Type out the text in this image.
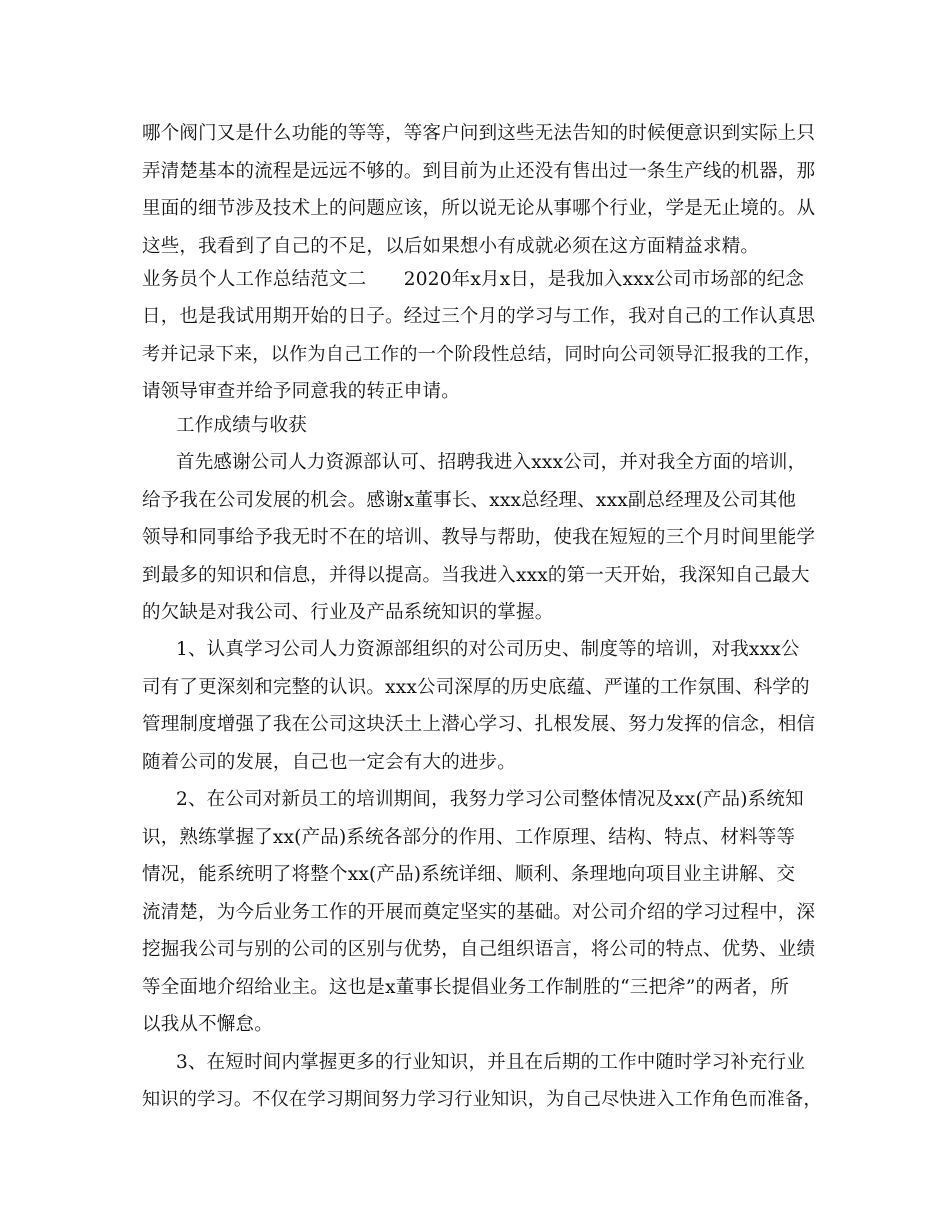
哪个阀门又是什么功能的等等，等客户问到这些无法告知的时候便意识到实际上只
弄清楚基本的流程是远远不够的。到目前为止还没有售出过一条生产线的机器，那
里面的细节涉及技术上的问题应该，所以说无论从事哪个行业，学是无止境的。从
这些，我看到了自己的不足，以后如果想小有成就必须在这方面精益求精。
业务员个人工作总结范文二　　2020年x月x日，是我加入xxx公司市场部的纪念
日，也是我试用期开始的日子。经过三个月的学习与工作，我对自己的工作认真思
考并记录下来，以作为自己工作的一个阶段性总结，同时向公司领导汇报我的工作，
请领导审查并给予同意我的转正申请。
工作成绩与收获
首先感谢公司人力资源部认可、招聘我进入xxx公司，并对我全方面的培训，
给予我在公司发展的机会。感谢x董事长、xxx总经理、xxx副总经理及公司其他
领导和同事给予我无时不在的培训、教导与帮助，使我在短短的三个月时间里能学
到最多的知识和信息，并得以提高。当我进入xxx的第一天开始，我深知自己最大
的欠缺是对我公司、行业及产品系统知识的掌握。
1、认真学习公司人力资源部组织的对公司历史、制度等的培训，对我xxx公
司有了更深刻和完整的认识。xxx公司深厚的历史底蕴、严谨的工作氛围、科学的
管理制度增强了我在公司这块沃土上潜心学习、扎根发展、努力发挥的信念，相信
随着公司的发展，自己也一定会有大的进步。
2、在公司对新员工的培训期间，我努力学习公司整体情况及xx(产品)系统知
识，熟练掌握了xx(产品)系统各部分的作用、工作原理、结构、特点、材料等等
情况，能系统明了将整个xx(产品)系统详细、顺利、条理地向项目业主讲解、交
流清楚，为今后业务工作的开展而奠定坚实的基础。对公司介绍的学习过程中，深
挖掘我公司与别的公司的区别与优势，自己组织语言，将公司的特点、优势、业绩
等全面地介绍给业主。这也是x董事长提倡业务工作制胜的“三把斧”的两者，所
以我从不懈怠。
3、在短时间内掌握更多的行业知识，并且在后期的工作中随时学习补充行业
知识的学习。不仅在学习期间努力学习行业知识，为自己尽快进入工作角色而准备，
